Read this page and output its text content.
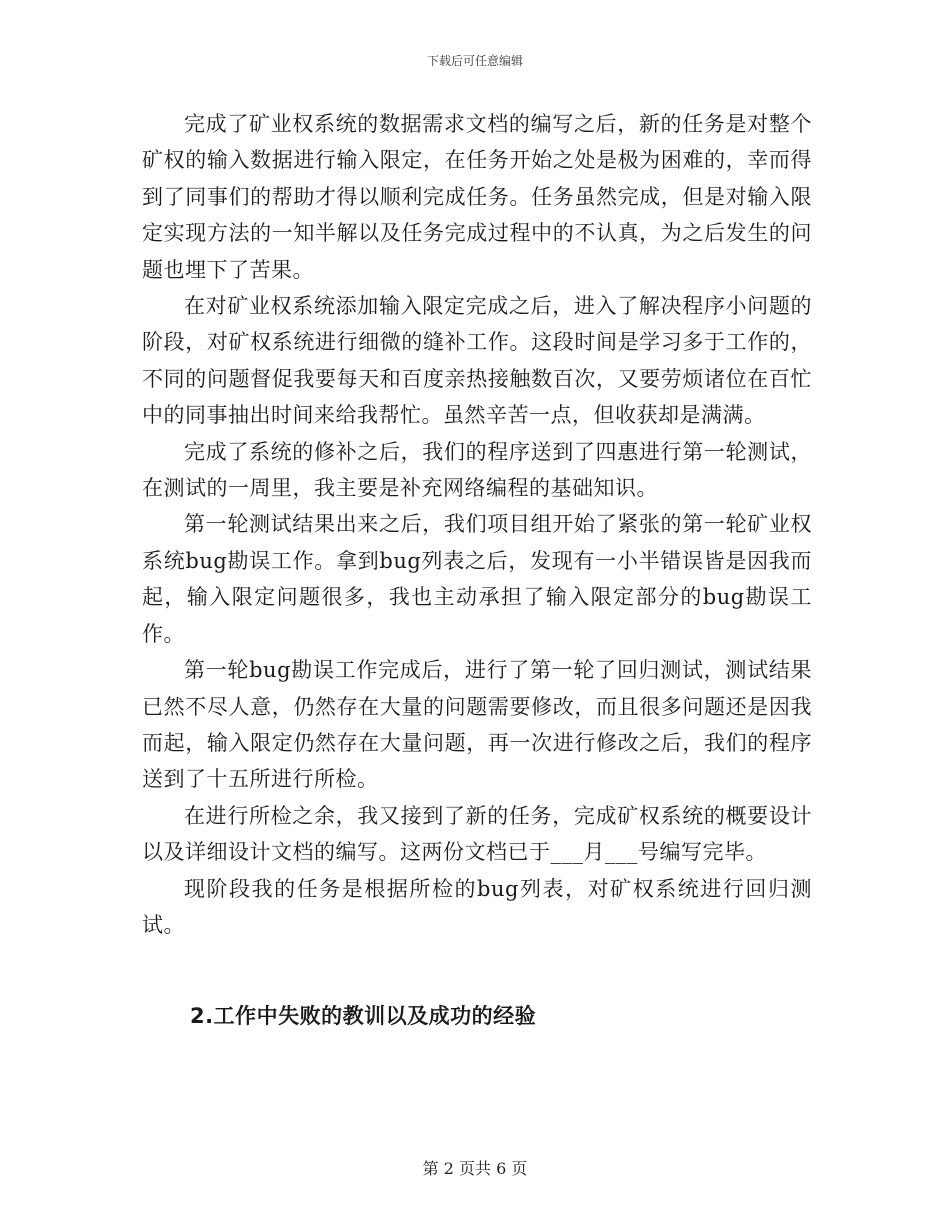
下载后可任意编辑

完成了矿业权系统的数据需求文档的编写之后，新的任务是对整个矿权的输入数据进行输入限定，在任务开始之处是极为困难的，幸而得到了同事们的帮助才得以顺利完成任务。任务虽然完成，但是对输入限定实现方法的一知半解以及任务完成过程中的不认真，为之后发生的问题也埋下了苦果。

在对矿业权系统添加输入限定完成之后，进入了解决程序小问题的阶段，对矿权系统进行细微的缝补工作。这段时间是学习多于工作的，不同的问题督促我要每天和百度亲热接触数百次，又要劳烦诸位在百忙中的同事抽出时间来给我帮忙。虽然辛苦一点，但收获却是满满。

完成了系统的修补之后，我们的程序送到了四惠进行第一轮测试，在测试的一周里，我主要是补充网络编程的基础知识。

第一轮测试结果出来之后，我们项目组开始了紧张的第一轮矿业权系统bug勘误工作。拿到bug列表之后，发现有一小半错误皆是因我而起，输入限定问题很多，我也主动承担了输入限定部分的bug勘误工作。

第一轮bug勘误工作完成后，进行了第一轮了回归测试，测试结果已然不尽人意，仍然存在大量的问题需要修改，而且很多问题还是因我而起，输入限定仍然存在大量问题，再一次进行修改之后，我们的程序送到了十五所进行所检。

在进行所检之余，我又接到了新的任务，完成矿权系统的概要设计以及详细设计文档的编写。这两份文档已于___月___号编写完毕。

现阶段我的任务是根据所检的bug列表，对矿权系统进行回归测试。

2.工作中失败的教训以及成功的经验
第 2 页共 6 页
